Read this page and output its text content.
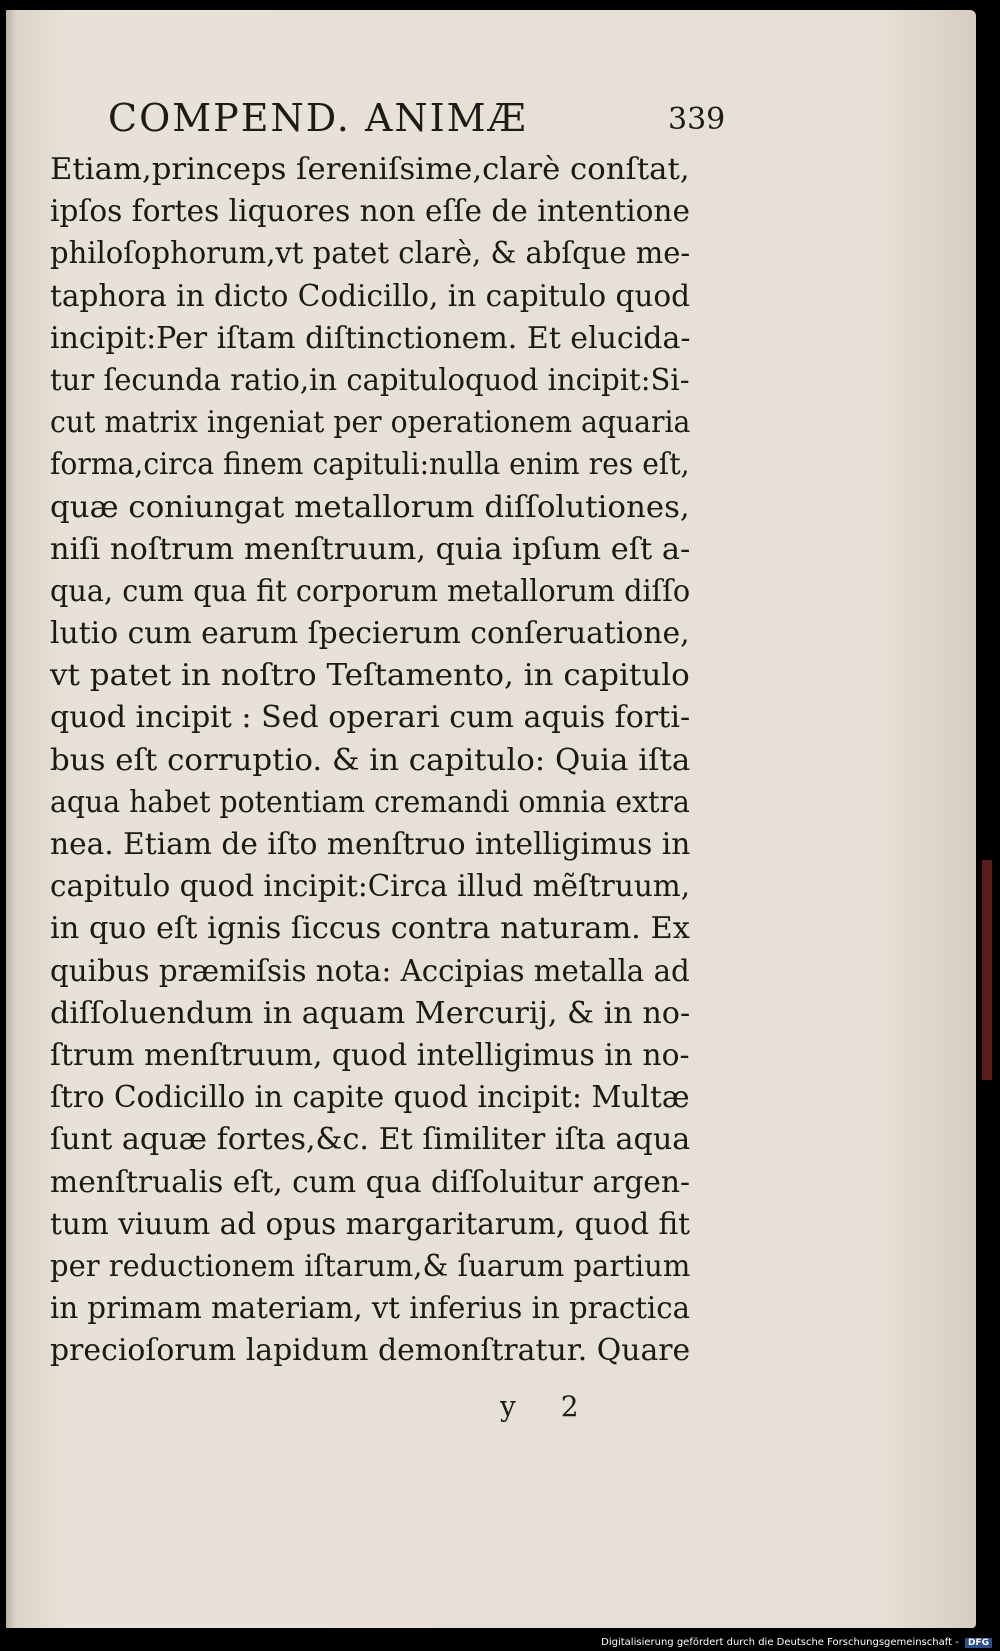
COMPEND. ANIMÆ	339
Etiam,princeps ſereniſsime,clarè conſtat,
ipſos fortes liquores non eſſe de intentione
philoſophorum,vt patet clarè, & abſque me-
taphora in dicto Codicillo, in capitulo quod
incipit:Per iſtam diſtinctionem. Et elucida-
tur ſecunda ratio,in capituloquod incipit:Si-
cut matrix ingeniat per operationem aquaria
forma,circa finem capituli:nulla enim res eſt,
quæ coniungat metallorum diſſolutiones,
niſi noſtrum menſtruum, quia ipſum eſt a-
qua, cum qua fit corporum metallorum diſſo
lutio cum earum ſpecierum conſeruatione,
vt patet in noſtro Teſtamento, in capitulo
quod incipit : Sed operari cum aquis forti-
bus eſt corruptio. & in capitulo: Quia iſta
aqua habet potentiam cremandi omnia extra
nea. Etiam de iſto menſtruo intelligimus in
capitulo quod incipit:Circa illud mẽſtruum,
in quo eſt ignis ſiccus contra naturam. Ex
quibus præmiſsis nota: Accipias metalla ad
diſſoluendum in aquam Mercurij, & in no-
ſtrum menſtruum, quod intelligimus in no-
ſtro Codicillo in capite quod incipit: Multæ
ſunt aquæ fortes,&c. Et ſimiliter iſta aqua
menſtrualis eſt, cum qua diſſoluitur argen-
tum viuum ad opus margaritarum, quod fit
per reductionem iſtarum,& ſuarum partium
in primam materiam, vt inferius in practica
precioſorum lapidum demonſtratur. Quare
y 2
Digitalisierung gefördert durch die Deutsche Forschungsgemeinschaft - DFG
